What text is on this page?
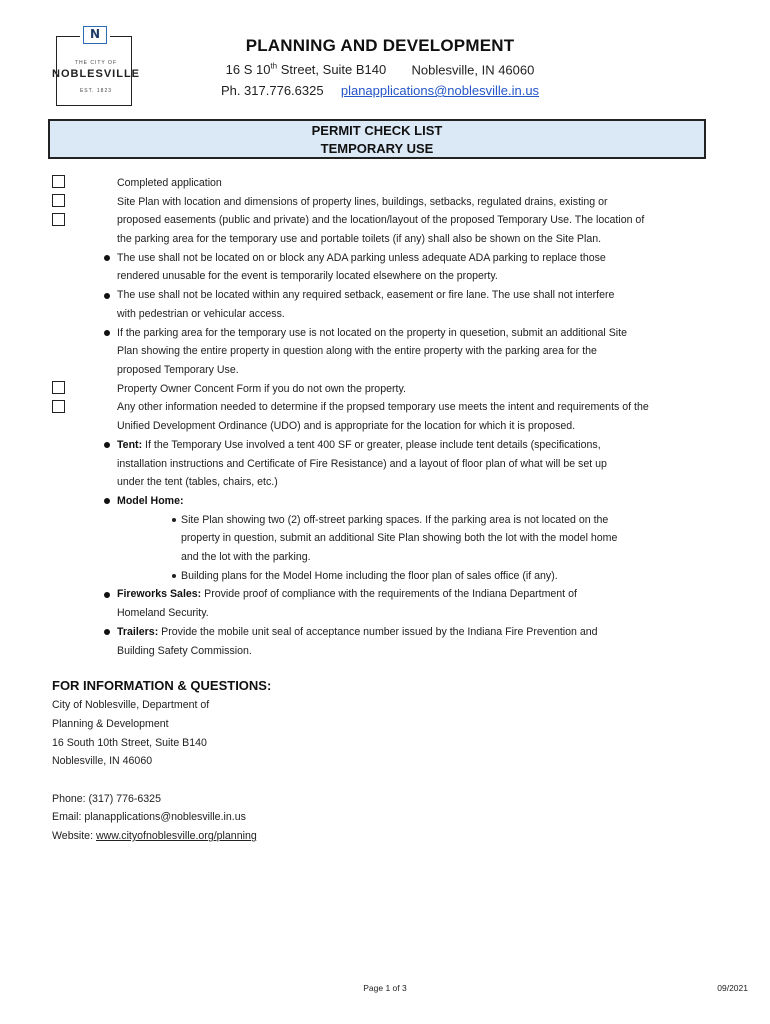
N
THE CITY OF
NOBLESVILLE
EST. 1823
PLANNING AND DEVELOPMENT
16 S 10th Street, Suite B140 Noblesville, IN 46060
Ph. 317.776.6325 planapplications@noblesville.in.us
PERMIT CHECK LIST
TEMPORARY USE
Completed application
Site Plan with location and dimensions of property lines, buildings, setbacks, regulated drains, existing or
proposed easements (public and private) and the location/layout of the proposed Temporary Use. The location of
the parking area for the temporary use and portable toilets (if any) shall also be shown on the Site Plan.
The use shall not be located on or block any ADA parking unless adequate ADA parking to replace those
rendered unusable for the event is temporarily located elsewhere on the property.
The use shall not be located within any required setback, easement or fire lane. The use shall not interfere
with pedestrian or vehicular access.
If the parking area for the temporary use is not located on the property in quesetion, submit an additional Site
Plan showing the entire property in question along with the entire property with the parking area for the
proposed Temporary Use.
Property Owner Concent Form if you do not own the property.
Any other information needed to determine if the propsed temporary use meets the intent and requirements of the
Unified Development Ordinance (UDO) and is appropriate for the location for which it is proposed.
Tent: If the Temporary Use involved a tent 400 SF or greater, please include tent details (specifications,
installation instructions and Certificate of Fire Resistance) and a layout of floor plan of what will be set up
under the tent (tables, chairs, etc.)
Model Home:
Site Plan showing two (2) off-street parking spaces. If the parking area is not located on the
property in question, submit an additional Site Plan showing both the lot with the model home
and the lot with the parking.
Building plans for the Model Home including the floor plan of sales office (if any).
Fireworks Sales: Provide proof of compliance with the requirements of the Indiana Department of
Homeland Security.
Trailers: Provide the mobile unit seal of acceptance number issued by the Indiana Fire Prevention and
Building Safety Commission.
FOR INFORMATION & QUESTIONS:
City of Noblesville, Department of
Planning & Development
16 South 10th Street, Suite B140
Noblesville, IN 46060
Phone: (317) 776-6325
Email: planapplications@noblesville.in.us
Website: www.cityofnoblesville.org/planning
Page 1 of 3	09/2021
